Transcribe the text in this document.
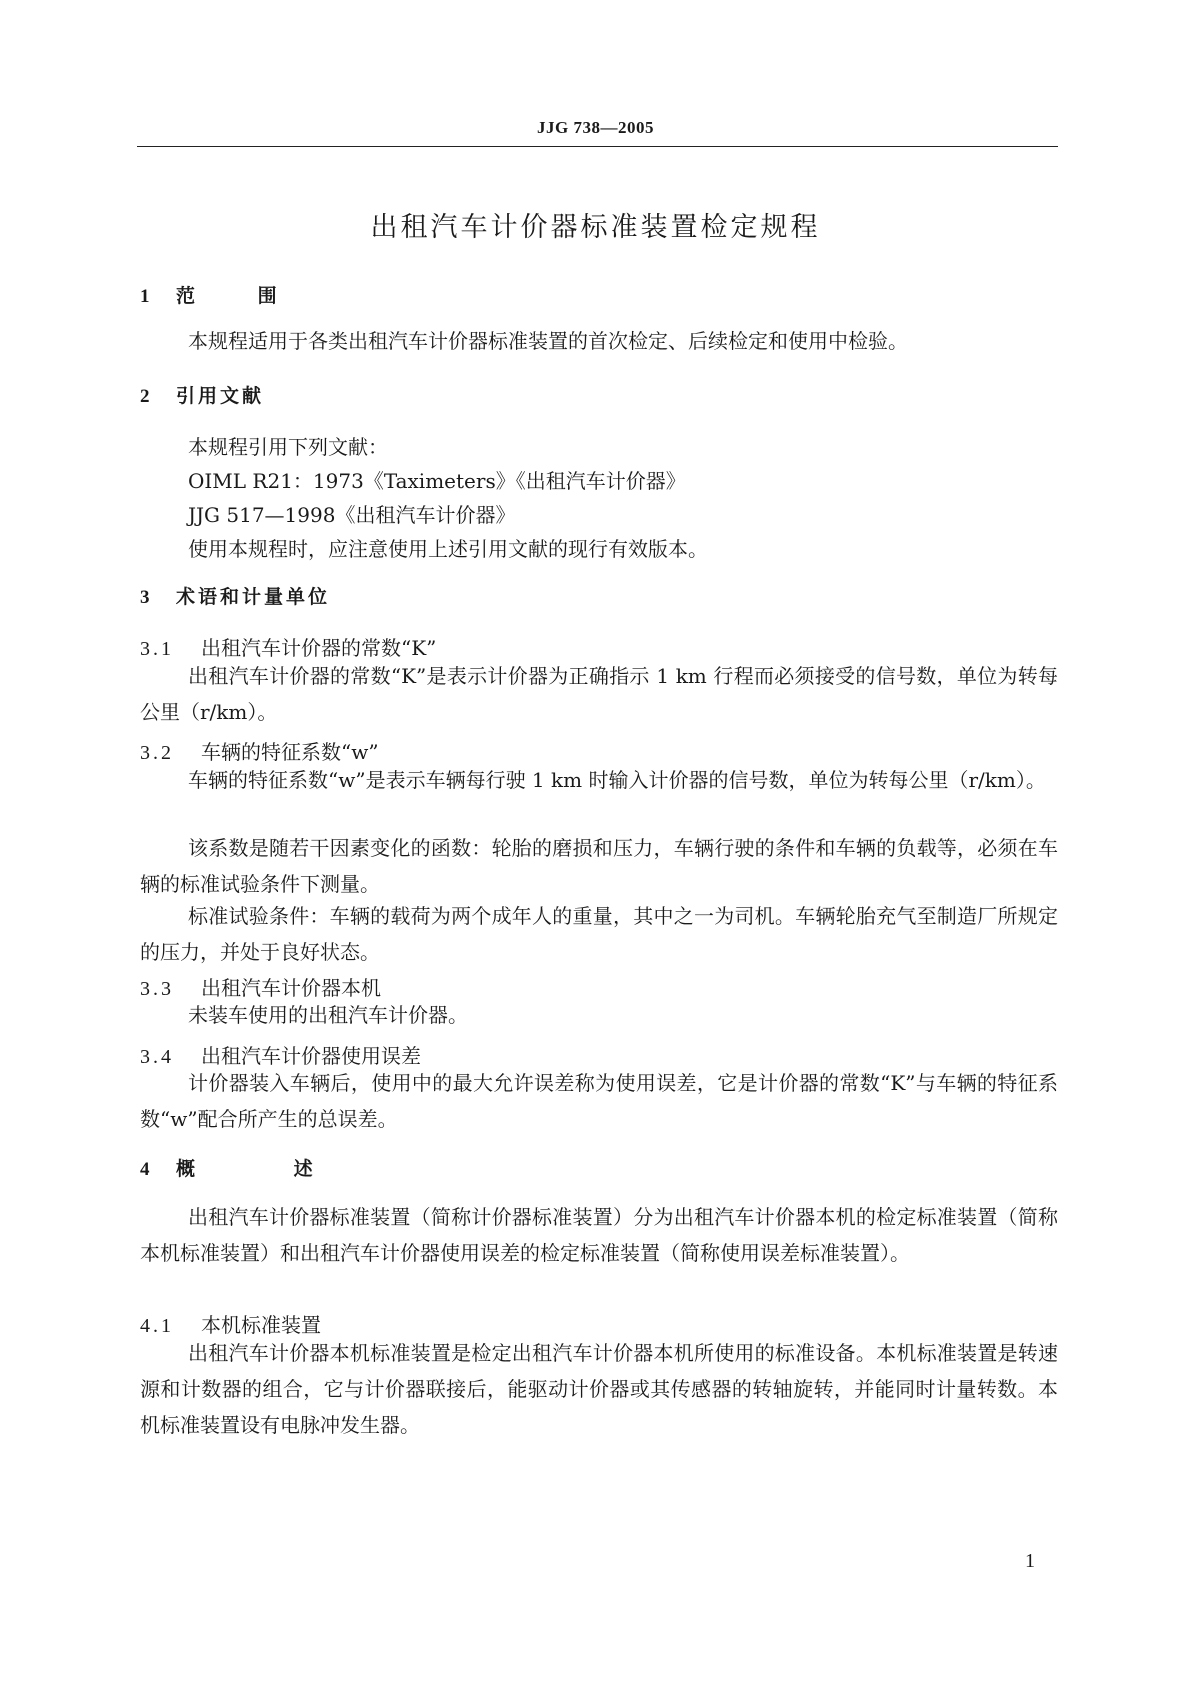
JJG 738—2005
出租汽车计价器标准装置检定规程
1 范 围

本规程适用于各类出租汽车计价器标准装置的首次检定、后续检定和使用中检验。

2 引用文献
本规程引用下列文献：
OIML R21：1973《Taximeters》《出租汽车计价器》
JJG 517—1998《出租汽车计价器》
使用本规程时，应注意使用上述引用文献的现行有效版本。
3 术语和计量单位
3.1 出租汽车计价器的常数“K”

出租汽车计价器的常数“K”是表示计价器为正确指示 1 km 行程而必须接受的信号数，单位为转每公里（r/km）。

3.2 车辆的特征系数“w”

车辆的特征系数“w”是表示车辆每行驶 1 km 时输入计价器的信号数，单位为转每公里（r/km）。

该系数是随若干因素变化的函数：轮胎的磨损和压力，车辆行驶的条件和车辆的负载等，必须在车辆的标准试验条件下测量。

标准试验条件：车辆的载荷为两个成年人的重量，其中之一为司机。车辆轮胎充气至制造厂所规定的压力，并处于良好状态。

3.3 出租汽车计价器本机

未装车使用的出租汽车计价器。

3.4 出租汽车计价器使用误差

计价器装入车辆后，使用中的最大允许误差称为使用误差，它是计价器的常数“K”与车辆的特征系数“w”配合所产生的总误差。

4 概 述

出租汽车计价器标准装置（简称计价器标准装置）分为出租汽车计价器本机的检定标准装置（简称本机标准装置）和出租汽车计价器使用误差的检定标准装置（简称使用误差标准装置）。

4.1 本机标准装置

出租汽车计价器本机标准装置是检定出租汽车计价器本机所使用的标准设备。本机标准装置是转速源和计数器的组合，它与计价器联接后，能驱动计价器或其传感器的转轴旋转，并能同时计量转数。本机标准装置设有电脉冲发生器。

1
